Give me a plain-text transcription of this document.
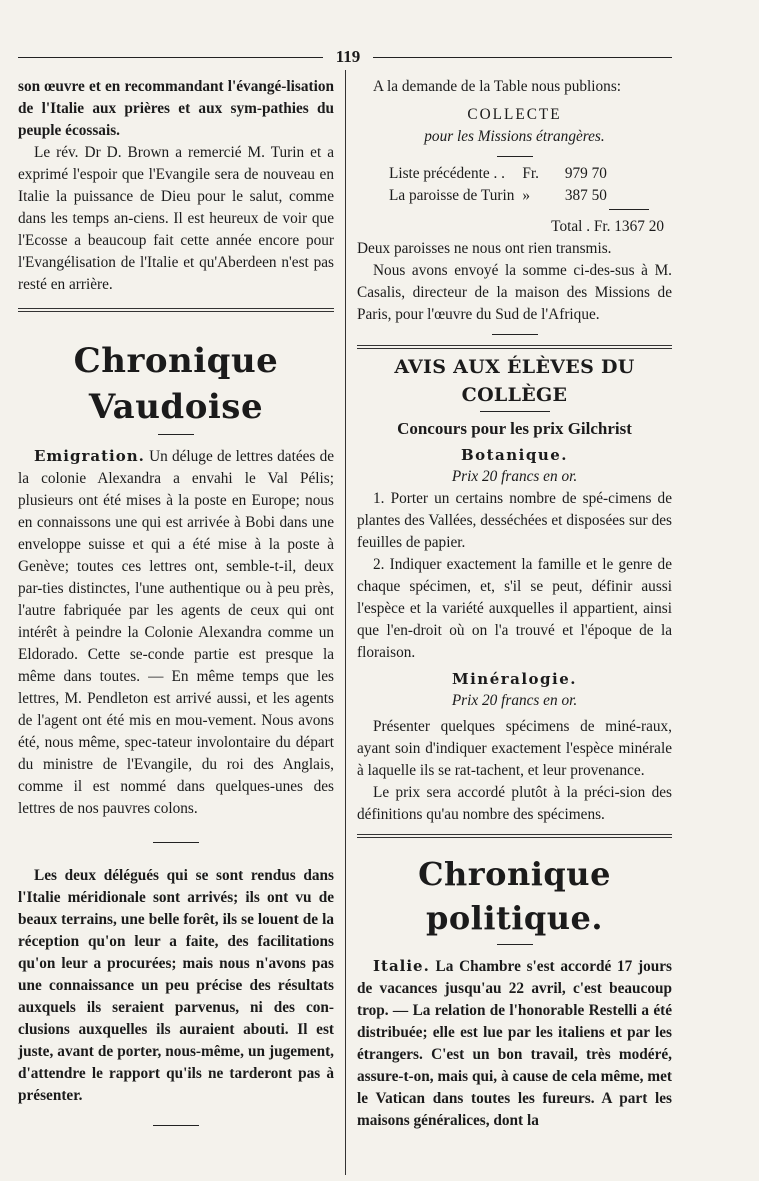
119

son œuvre et en recommandant l'évangé-lisation de l'Italie aux prières et aux sym-pathies du peuple écossais.

Le rév. Dr D. Brown a remercié M. Turin et a exprimé l'espoir que l'Evangile sera de nouveau en Italie la puissance de Dieu pour le salut, comme dans les temps an-ciens. Il est heureux de voir que l'Ecosse a beaucoup fait cette année encore pour l'Evangélisation de l'Italie et qu'Aberdeen n'est pas resté en arrière.

Chronique Vaudoise

Emigration. Un déluge de lettres datées de la colonie Alexandra a envahi le Val Pélis; plusieurs ont été mises à la poste en Europe; nous en connaissons une qui est arrivée à Bobi dans une enveloppe suisse et qui a été mise à la poste à Genève; toutes ces lettres ont, semble-t-il, deux par-ties distinctes, l'une authentique ou à peu près, l'autre fabriquée par les agents de ceux qui ont intérêt à peindre la Colonie Alexandra comme un Eldorado. Cette se-conde partie est presque la même dans toutes. — En même temps que les lettres, M. Pendleton est arrivé aussi, et les agents de l'agent ont été mis en mou-vement. Nous avons été, nous même, spec-tateur involontaire du départ du ministre de l'Evangile, du roi des Anglais, comme il est nommé dans quelques-unes des lettres de nos pauvres colons.

Les deux délégués qui se sont rendus dans l'Italie méridionale sont arrivés; ils ont vu de beaux terrains, une belle forêt, ils se louent de la réception qu'on leur a faite, des facilitations qu'on leur a procurées; mais nous n'avons pas une connaissance un peu précise des résultats auxquels ils seraient parvenus, ni des con-clusions auxquelles ils auraient abouti. Il est juste, avant de porter, nous-même, un jugement, d'attendre le rapport qu'ils ne tarderont pas à présenter.

A la demande de la Table nous publions:

COLLECTE
pour les Missions étrangères.
Liste précédente . .	Fr.	979 70
La paroisse de Turin	»	387 50
Total . Fr. 1367 20

Deux paroisses ne nous ont rien transmis.

Nous avons envoyé la somme ci-des-sus à M. Casalis, directeur de la maison des Missions de Paris, pour l'œuvre du Sud de l'Afrique.

AVIS AUX ÉLÈVES DU COLLÈGE
Concours pour les prix Gilchrist
Botanique.
Prix 20 francs en or.

1. Porter un certains nombre de spé-cimens de plantes des Vallées, desséchées et disposées sur des feuilles de papier.

2. Indiquer exactement la famille et le genre de chaque spécimen, et, s'il se peut, définir aussi l'espèce et la variété auxquelles il appartient, ainsi que l'en-droit où on l'a trouvé et l'époque de la floraison.

Minéralogie.
Prix 20 francs en or.

Présenter quelques spécimens de miné-raux, ayant soin d'indiquer exactement l'espèce minérale à laquelle ils se rat-tachent, et leur provenance.

Le prix sera accordé plutôt à la préci-sion des définitions qu'au nombre des spécimens.

Chronique politique.

Italie. La Chambre s'est accordé 17 jours de vacances jusqu'au 22 avril, c'est beaucoup trop. — La relation de l'honorable Restelli a été distribuée; elle est lue par les italiens et par les étrangers. C'est un bon travail, très modéré, assure-t-on, mais qui, à cause de cela même, met le Vatican dans toutes les fureurs. A part les maisons généralices, dont la
